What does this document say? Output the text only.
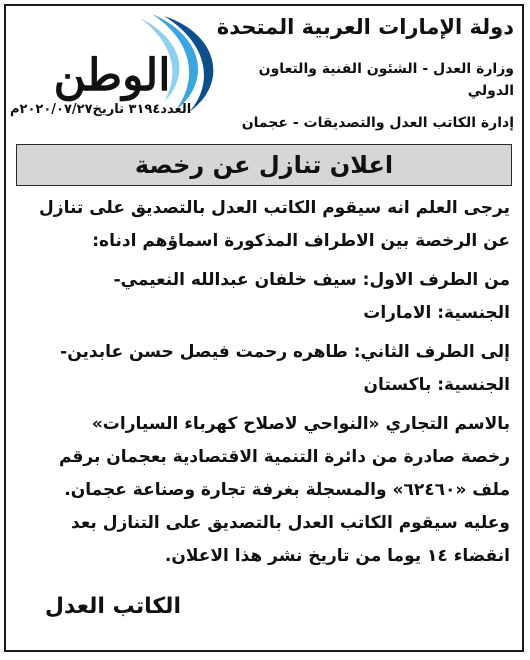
دولة الإمارات العربية المتحدة
وزارة العدل - الشئون الفنية والتعاون الدولي
إدارة الكاتب العدل والتصديقات - عجمان
الوطن
العدد٣١٩٤ تاريخ٢٠٢٠/٠٧/٢٧م
اعلان تنازل عن رخصة
يرجى العلم انه سيقوم الكاتب العدل بالتصديق على تنازل
عن الرخصة بين الاطراف المذكورة اسماؤهم ادناه:
من الطرف الاول: سيف خلفان عبدالله النعيمي-
الجنسية: الامارات
إلى الطرف الثاني: طاهره رحمت فيصل حسن عابدين-
الجنسية: باكستان
بالاسم التجاري «النواحي لاصلاح كهرباء السيارات»
رخصة صادرة من دائرة التنمية الاقتصادية بعجمان برقم
ملف «٦٢٤٦٠» والمسجلة بغرفة تجارة وصناعة عجمان.
وعليه سيقوم الكاتب العدل بالتصديق على التنازل بعد
انقضاء ١٤ يوما من تاريخ نشر هذا الاعلان.
الكاتب العدل
